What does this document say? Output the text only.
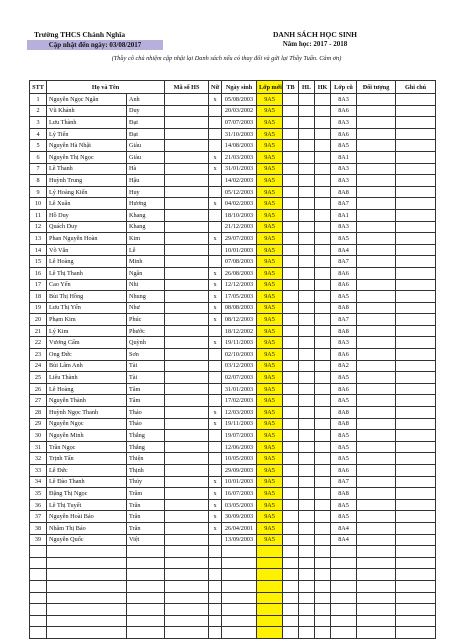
Trường THCS Chánh Nghĩa
Cập nhật đến ngày: 03/08/2017
DANH SÁCH HỌC SINH
Năm học: 2017 - 2018
(Thầy cô chủ nhiệm cập nhật lại Danh sách nếu có thay đổi và gửi lại Thầy Tuấn. Cảm ơn)
STT	Họ và Tên		Mã số HS	Nữ	Ngày sinh	Lớp mới	TB	HL	HK	Lớp cũ	Đối tượng	Ghi chú
1	Nguyễn Ngọc Ngân	Anh		x	05/08/2003	9A5				8A3		
2	Vũ Khánh	Duy			20/03/2002	9A5				8A6		
3	Lưu Thành	Đạt			07/07/2003	9A5				8A3		
4	Lý Tiến	Đạt			31/10/2003	9A5				8A6		
5	Nguyễn Hà Nhật	Giàu			14/08/2003	9A5				8A5		
6	Nguyễn Thị Ngọc	Giàu		x	21/03/2003	9A5				8A1		
7	Lê Thanh	Hà		x	31/01/2003	9A5				8A3		
8	Huỳnh Trung	Hậu			14/02/2003	9A5				8A3		
9	Lý Hoàng Kiến	Huy			05/12/2003	9A5				8A8		
10	Lê Xuân	Hương		x	04/02/2003	9A5				8A7		
11	Hồ Duy	Khang			18/10/2003	9A5				8A1		
12	Quách Duy	Khang			21/12/2003	9A5				8A3		
13	Phan Nguyễn Hoàn	Kim		x	29/07/2003	9A5				8A5		
14	Võ Văn	Lễ			10/01/2003	9A5				8A4		
15	Lê Hoàng	Minh			07/08/2003	9A5				8A7		
16	Lê Thị Thanh	Ngân		x	26/08/2003	9A5				8A6		
17	Cao Yến	Nhi		x	12/12/2003	9A5				8A6		
18	Bùi Thị Hồng	Nhung		x	17/05/2003	9A5				8A5		
19	Lưu Thị Yến	Như		x	08/08/2003	9A5				8A8		
20	Phạm Kim	Phúc		x	08/12/2003	9A5				8A7		
21	Lý Kim	Phước			18/12/2002	9A5				8A8		
22	Vương Cẩm	Quỳnh		x	19/11/2003	9A5				8A3		
23	Ong Đức	Sơn			02/10/2003	9A5				8A6		
24	Bùi Lâm Anh	Tài			03/12/2003	9A5				8A2		
25	Liêu Thành	Tài			02/07/2003	9A5				8A5		
26	Lê Hoàng	Tâm			31/01/2003	9A5				8A6		
27	Nguyễn Thành	Tâm			17/02/2003	9A5				8A5		
28	Huỳnh Ngọc Thanh	Thảo		x	12/03/2003	9A5				8A8		
29	Nguyễn Ngọc	Thảo		x	19/11/2003	9A5				8A8		
30	Nguyễn Minh	Thắng			19/07/2003	9A5				8A5		
31	Trần Ngọc	Thắng			12/06/2003	9A5				8A5		
32	Trịnh Tấn	Thiện			10/05/2003	9A5				8A5		
33	Lê Đức	Thịnh			29/09/2003	9A5				8A6		
34	Lê Đào Thanh	Thúy		x	10/01/2003	9A5				8A7		
35	Đặng Thị Ngọc	Trâm		x	16/07/2003	9A5				8A8		
36	Lê Thị Tuyết	Trân		x	03/05/2003	9A5				8A5		
37	Nguyễn Hoài Bảo	Trân		x	30/09/2003	9A5				8A5		
38	Nhâm Thị Bảo	Trân		x	26/04/2001	9A5				8A4		
39	Nguyễn Quốc	Việt			13/09/2003	9A5				8A4		
